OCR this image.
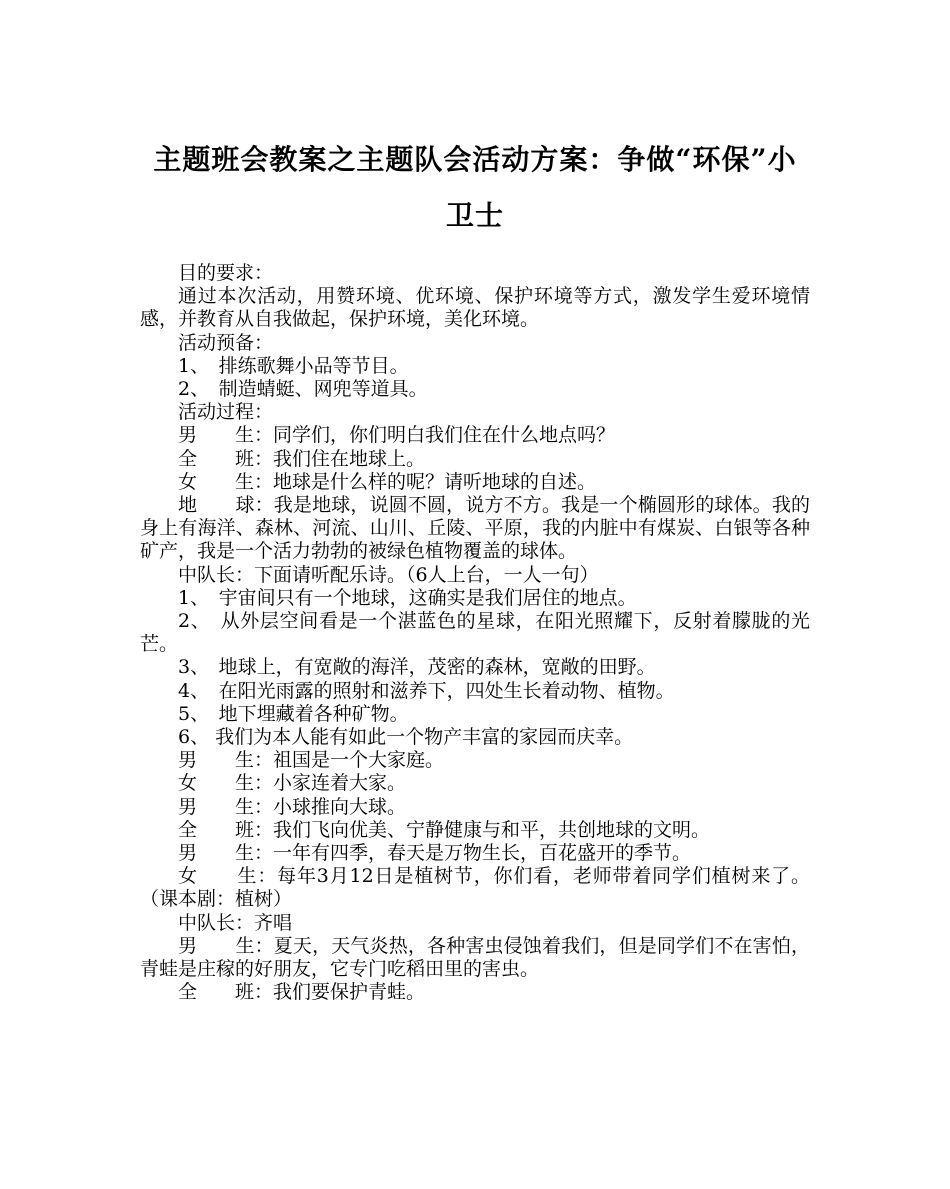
主题班会教案之主题队会活动方案：争做“环保”小卫士

目的要求：

通过本次活动，用赞环境、优环境、保护环境等方式，激发学生爱环境情感，并教育从自我做起，保护环境，美化环境。

活动预备：

1、　排练歌舞小品等节目。

2、　制造蜻蜓、网兜等道具。

活动过程：

男　　生：同学们，你们明白我们住在什么地点吗？

全　　班：我们住在地球上。

女　　生：地球是什么样的呢？请听地球的自述。

地　　球：我是地球，说圆不圆，说方不方。我是一个椭圆形的球体。我的身上有海洋、森林、河流、山川、丘陵、平原，我的内脏中有煤炭、白银等各种矿产，我是一个活力勃勃的被绿色植物覆盖的球体。

中队长：下面请听配乐诗。（6人上台，一人一句）

1、　宇宙间只有一个地球，这确实是我们居住的地点。

2、　从外层空间看是一个湛蓝色的星球，在阳光照耀下，反射着朦胧的光芒。

3、　地球上，有宽敞的海洋，茂密的森林，宽敞的田野。

4、　在阳光雨露的照射和滋养下，四处生长着动物、植物。

5、　地下埋藏着各种矿物。

6、 我们为本人能有如此一个物产丰富的家园而庆幸。

男　　生：祖国是一个大家庭。

女　　生：小家连着大家。

男　　生：小球推向大球。

全　　班：我们飞向优美、宁静健康与和平，共创地球的文明。

男　　生：一年有四季，春天是万物生长，百花盛开的季节。

女　　生：每年3月12日是植树节，你们看，老师带着同学们植树来了。（课本剧：植树）

中队长：齐唱

男　　生：夏天，天气炎热，各种害虫侵蚀着我们，但是同学们不在害怕，青蛙是庄稼的好朋友，它专门吃稻田里的害虫。

全　　班：我们要保护青蛙。
